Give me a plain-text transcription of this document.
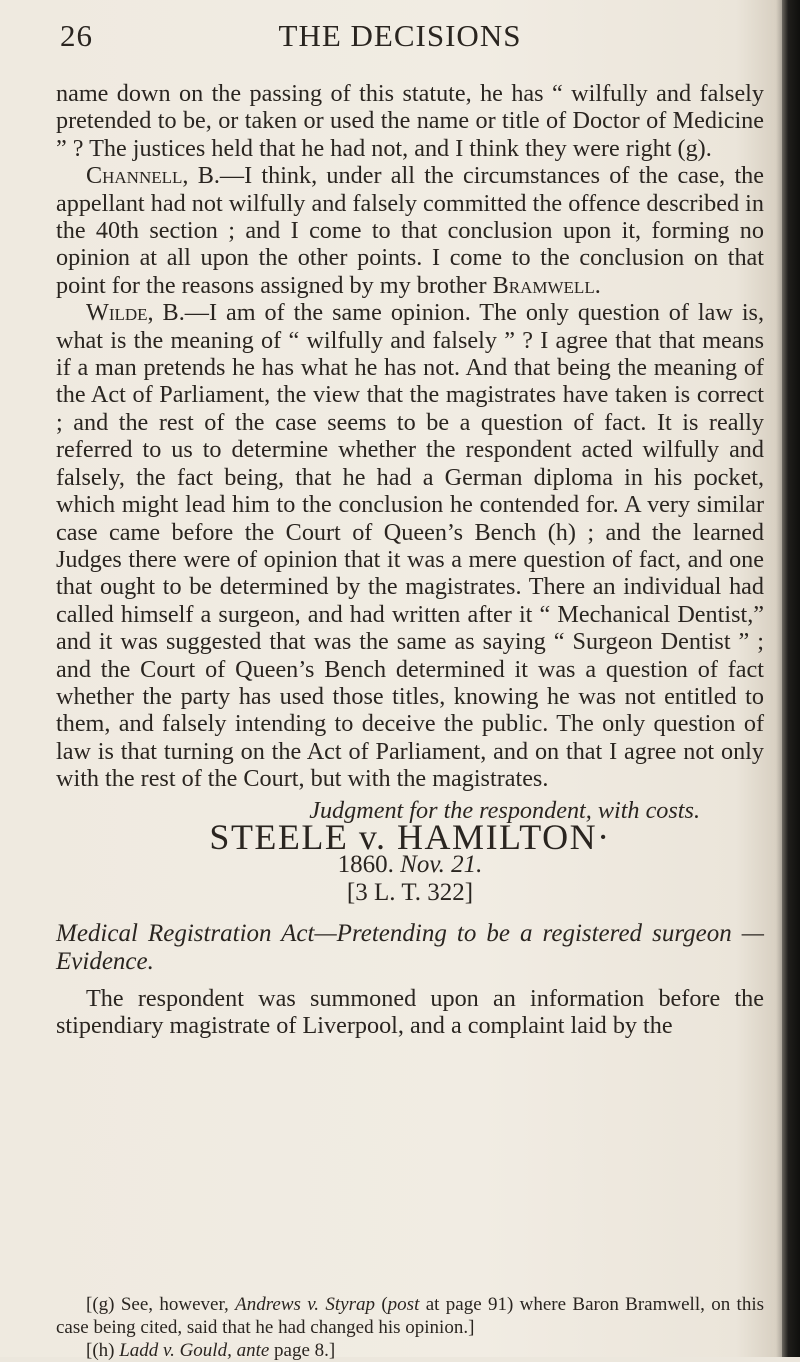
26	THE DECISIONS

name down on the passing of this statute, he has “ wilfully and falsely pretended to be, or taken or used the name or title of Doctor of Medicine ” ? The justices held that he had not, and I think they were right (g).

Channell, B.—I think, under all the circumstances of the case, the appellant had not wilfully and falsely committed the offence described in the 40th section ; and I come to that conclusion upon it, forming no opinion at all upon the other points. I come to the conclusion on that point for the reasons assigned by my brother Bramwell.

Wilde, B.—I am of the same opinion. The only question of law is, what is the meaning of “ wilfully and falsely ” ? I agree that that means if a man pretends he has what he has not. And that being the meaning of the Act of Parliament, the view that the magistrates have taken is correct ; and the rest of the case seems to be a question of fact. It is really referred to us to determine whether the respondent acted wilfully and falsely, the fact being, that he had a German diploma in his pocket, which might lead him to the conclusion he contended for. A very similar case came before the Court of Queen’s Bench (h) ; and the learned Judges there were of opinion that it was a mere question of fact, and one that ought to be determined by the magistrates. There an individual had called himself a surgeon, and had written after it “ Mechanical Dentist,” and it was suggested that was the same as saying “ Surgeon Dentist ” ; and the Court of Queen’s Bench determined it was a question of fact whether the party has used those titles, knowing he was not entitled to them, and falsely intending to deceive the public. The only question of law is that turning on the Act of Parliament, and on that I agree not only with the rest of the Court, but with the magistrates.

Judgment for the respondent, with costs.

STEELE v. HAMILTON·

1860. Nov. 21.

[3 L. T. 322]

Medical Registration Act—Pretending to be a registered surgeon —Evidence.

The respondent was summoned upon an information before the stipendiary magistrate of Liverpool, and a complaint laid by the

[(g) See, however, Andrews v. Styrap (post at page 91) where Baron Bramwell, on this case being cited, said that he had changed his opinion.]

[(h) Ladd v. Gould, ante page 8.]
